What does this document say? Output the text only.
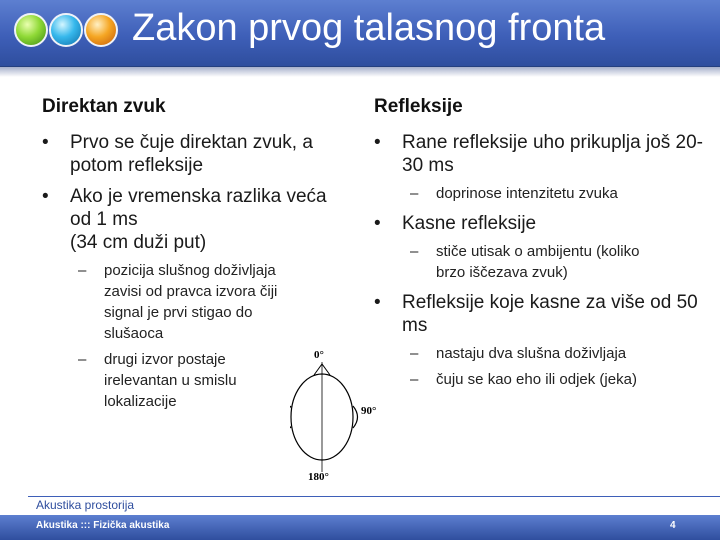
Zakon prvog talasnog fronta
Direktan zvuk
• Prvo se čuje direktan zvuk, a potom refleksije
• Ako je vremenska razlika veća od 1 ms
(34 cm duži put)
– pozicija slušnog doživljaja zavisi od pravca izvora čiji signal je prvi stigao do slušaoca
– drugi izvor postaje irelevantan u smislu lokalizacije
Refleksije
• Rane refleksije uho prikuplja još 20-30 ms
– doprinose intenzitetu zvuka
• Kasne refleksije
– stiče utisak o ambijentu (koliko brzo iščezava zvuk)
• Refleksije koje kasne za više od 50 ms
– nastaju dva slušna doživljaja
– čuju se kao eho ili odjek (jeka)
0°
90°
180°
Akustika prostorija
Akustika ::: Fizička akustika	4
